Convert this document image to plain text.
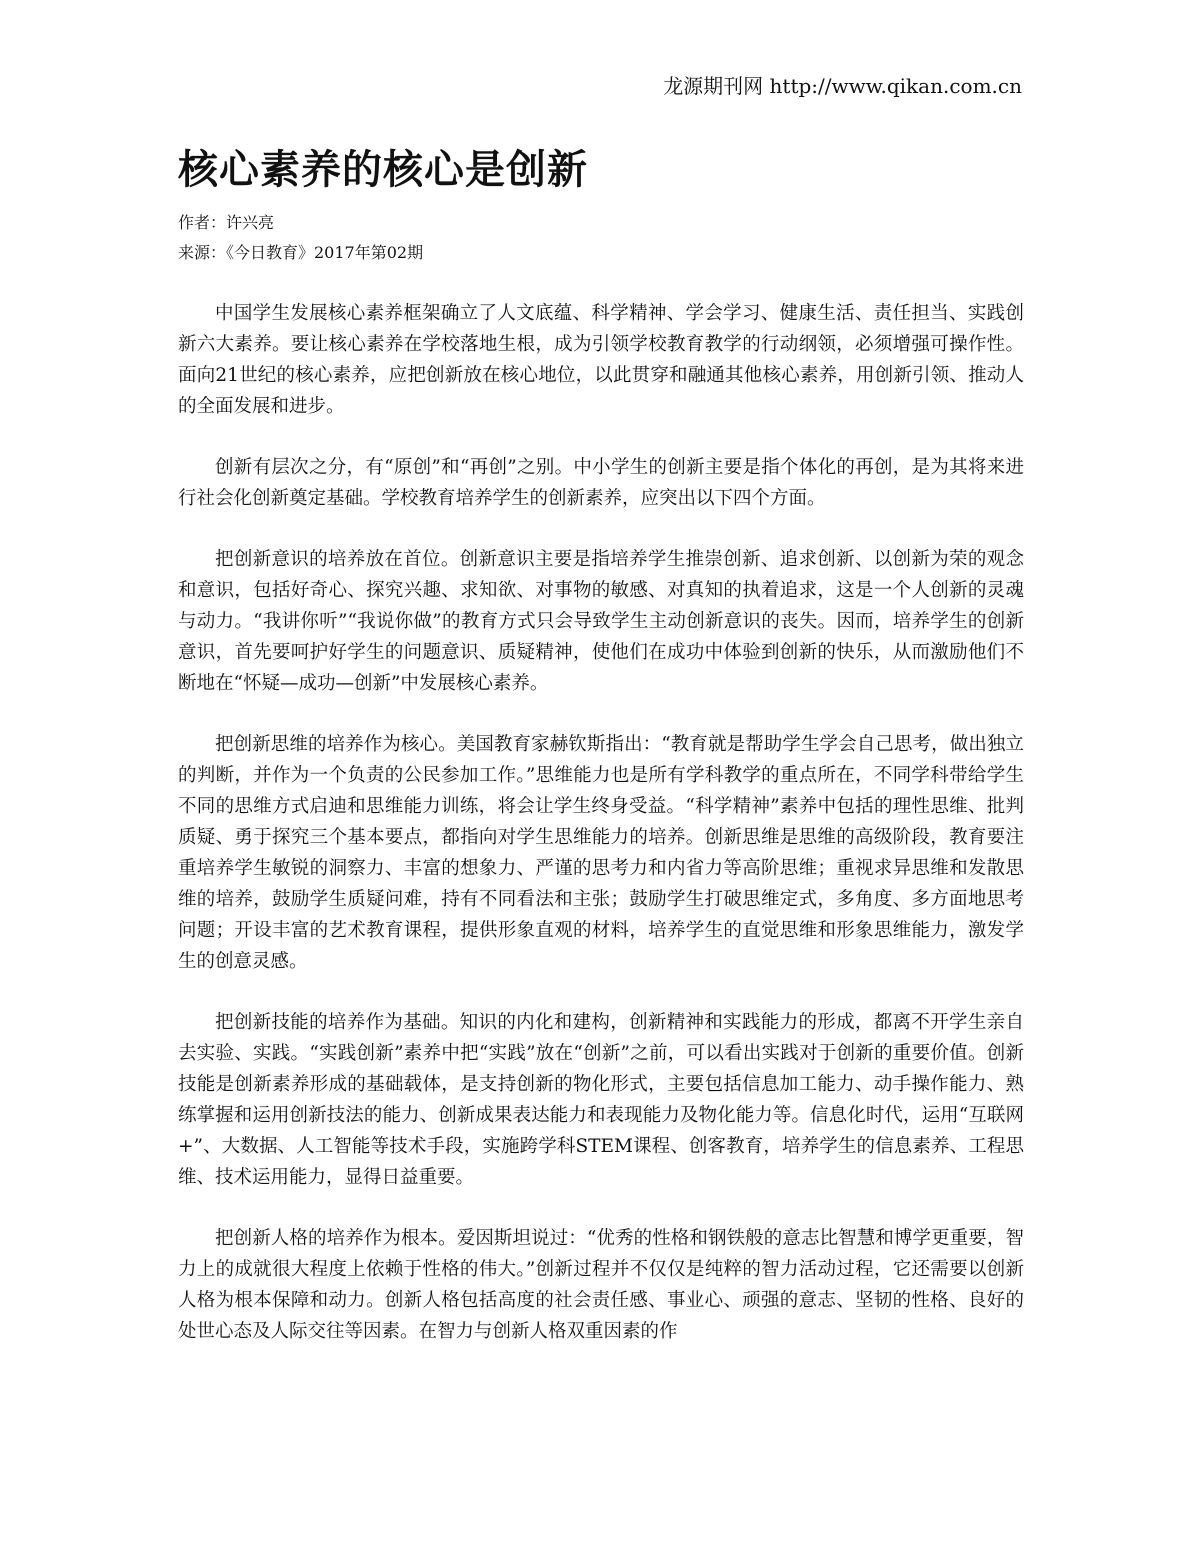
龙源期刊网 http://www.qikan.com.cn
核心素养的核心是创新
作者：许兴亮
来源：《今日教育》2017年第02期

中国学生发展核心素养框架确立了人文底蕴、科学精神、学会学习、健康生活、责任担当、实践创新六大素养。要让核心素养在学校落地生根，成为引领学校教育教学的行动纲领，必须增强可操作性。面向21世纪的核心素养，应把创新放在核心地位，以此贯穿和融通其他核心素养，用创新引领、推动人的全面发展和进步。

创新有层次之分，有“原创”和“再创”之别。中小学生的创新主要是指个体化的再创，是为其将来进行社会化创新奠定基础。学校教育培养学生的创新素养，应突出以下四个方面。

把创新意识的培养放在首位。创新意识主要是指培养学生推崇创新、追求创新、以创新为荣的观念和意识，包括好奇心、探究兴趣、求知欲、对事物的敏感、对真知的执着追求，这是一个人创新的灵魂与动力。“我讲你听”“我说你做”的教育方式只会导致学生主动创新意识的丧失。因而，培养学生的创新意识，首先要呵护好学生的问题意识、质疑精神，使他们在成功中体验到创新的快乐，从而激励他们不断地在“怀疑—成功—创新”中发展核心素养。

把创新思维的培养作为核心。美国教育家赫钦斯指出：“教育就是帮助学生学会自己思考，做出独立的判断，并作为一个负责的公民参加工作。”思维能力也是所有学科教学的重点所在，不同学科带给学生不同的思维方式启迪和思维能力训练，将会让学生终身受益。“科学精神”素养中包括的理性思维、批判质疑、勇于探究三个基本要点，都指向对学生思维能力的培养。创新思维是思维的高级阶段，教育要注重培养学生敏锐的洞察力、丰富的想象力、严谨的思考力和内省力等高阶思维；重视求异思维和发散思维的培养，鼓励学生质疑问难，持有不同看法和主张；鼓励学生打破思维定式，多角度、多方面地思考问题；开设丰富的艺术教育课程，提供形象直观的材料，培养学生的直觉思维和形象思维能力，激发学生的创意灵感。

把创新技能的培养作为基础。知识的内化和建构，创新精神和实践能力的形成，都离不开学生亲自去实验、实践。“实践创新”素养中把“实践”放在“创新”之前，可以看出实践对于创新的重要价值。创新技能是创新素养形成的基础载体，是支持创新的物化形式，主要包括信息加工能力、动手操作能力、熟练掌握和运用创新技法的能力、创新成果表达能力和表现能力及物化能力等。信息化时代，运用“互联网+”、大数据、人工智能等技术手段，实施跨学科STEM课程、创客教育，培养学生的信息素养、工程思维、技术运用能力，显得日益重要。

把创新人格的培养作为根本。爱因斯坦说过：“优秀的性格和钢铁般的意志比智慧和博学更重要，智力上的成就很大程度上依赖于性格的伟大。”创新过程并不仅仅是纯粹的智力活动过程，它还需要以创新人格为根本保障和动力。创新人格包括高度的社会责任感、事业心、顽强的意志、坚韧的性格、良好的处世心态及人际交往等因素。在智力与创新人格双重因素的作
